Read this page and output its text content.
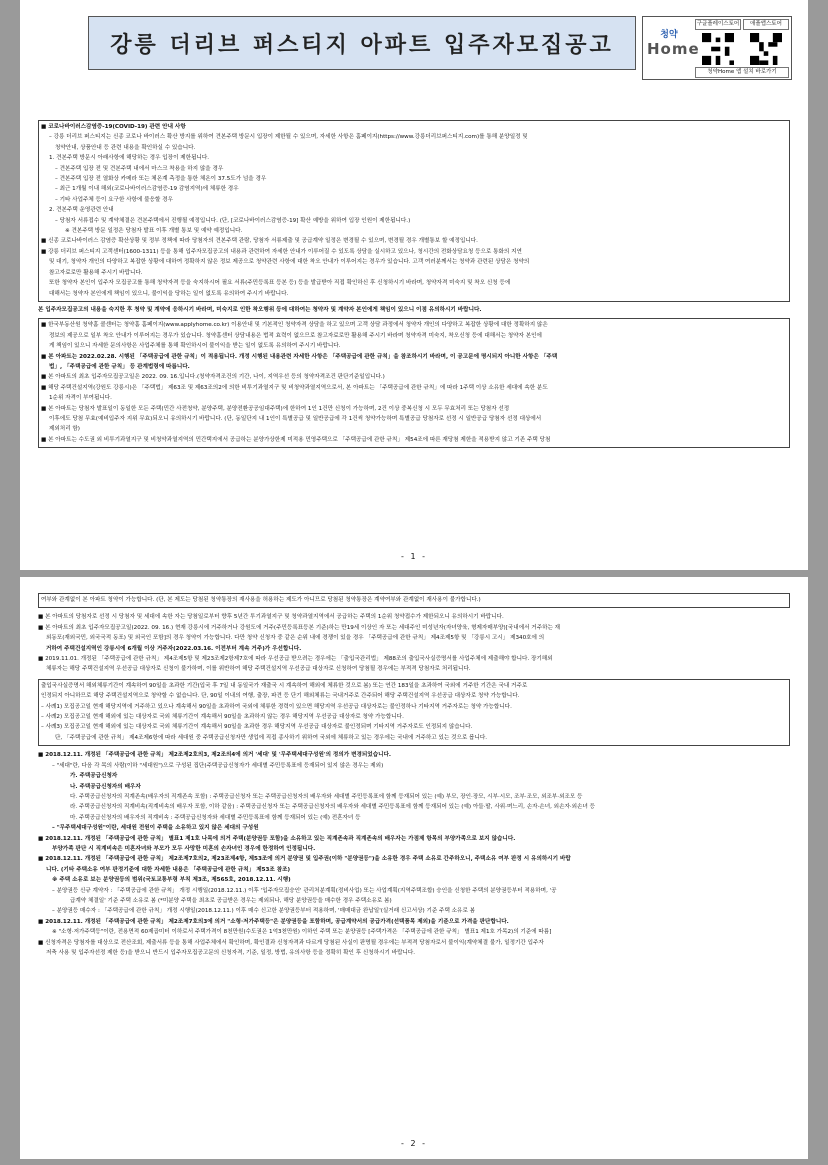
강릉 더리브 퍼스티지 아파트 입주자모집공고	청약
Home
구글플레이스토어	애플앱스토어
청약Home 앱 설치 바로가기
■ 코로나바이러스감염증-19(COVID-19) 관련 안내 사항
– 강릉 더리브 퍼스티지는 신종 코로나 바이러스 확산 방지를 위하여 견본주택 방문시 입장이 제한될 수 있으며, 자세한 사항은 홈페이지(https://www.강릉더리브퍼스티지.com)를 통해 분양일정 및
청약안내, 상품안내 등 관련 내용을 확인하실 수 있습니다.
1. 견본주택 방문시 아래사항에 해당하는 경우 입장이 제한됩니다.
– 견본주택 입장 전 및 견본주택 내에서 마스크 착용을 하지 않을 경우
– 견본주택 입장 전 열화상 카메라 또는 체온계 측정을 통한 체온이 37.5도가 넘을 경우
– 최근 1개월 이내 해외(코로나바이러스감염증-19 감염지역)에 체류한 경우
– 기타 사업주체 등이 요구한 사항에 불응할 경우
2. 견본주택 운영관련 안내
– 당첨자 서류접수 및 계약체결은 견본주택에서 진행될 예정입니다. (단, [코로나바이러스감염증-19] 확산 예방을 위하여 입장 인원이 제한됩니다.)
※ 견본주택 방문 일정은 당첨자 발표 이후 개별 통보 및 예약 예정입니다.
■ 신종 코로나바이러스 감염증 확산상황 및 정부 정책에 따라 당첨자의 견본주택 관람, 당첨자 서류제출 및 공급계약 일정은 변경될 수 있으며, 변경될 경우 개별통보 할 예정입니다.
■ 강릉 더리브 퍼스티지 고객센터(1600-1311) 등을 통해 입주자모집공고의 내용과 관련하여 자세한 안내가 이루어질 수 있도록 상담을 실시하고 있으나, 청시간의 전화상담요청 등으로 통화의 지연
및 대기, 청약자 개인의 다양하고 복잡한 상황에 대하여 정확하지 않은 정보 제공으로 청약관련 사항에 대한 착오 안내가 이루어지는 경우가 있습니다. 고객 여러분께서는 청약과 관련된 상담은 청약의
참고자료로만 활용해 주시기 바랍니다.
또한 청약자 본인이 입주자 모집공고를 통해 청약자격 등을 숙지하시어 필요 서류(주민등록표 등본 등) 등을 발급받아 직접 확인하신 후 신청하시기 바라며, 청약자격 미숙지 및 착오 신청 등에
대해서는 청약자 본인에게 책임이 있으니, 불이익을 당하는 일이 없도록 유의하여 주시기 바랍니다.
본 입주자모집공고의 내용을 숙지한 후 청약 및 계약에 응하시기 바라며, 미숙지로 인한 착오행위 등에 대하여는 청약자 및 계약자 본인에게 책임이 있으니 이점 유의하시기 바랍니다.
■ 한국부동산원 청약홈 콜센터는 청약홈 홈페이지(www.applyhome.co.kr) 이용안내 및 기본적인 청약자격 상담을 하고 있으며 고객 상담 과정에서 청약자 개인의 다양하고 복잡한 상황에 대한 정확하지 않은
정보의 제공으로 일부 착오 안내가 이루어지는 경우가 있습니다. 청약홈센터 상담내용은 법적 효력이 없으므로 참고자료로만 활용해 주시기 바라며 청약자격 미숙지, 착오신청 등에 대해서는 청약자 본인에
게 책임이 있으니 자세한 문의사항은 사업주체를 통해 확인하시어 불이익을 받는 일이 없도록 유의하여 주시기 바랍니다.
■ 본 아파트는 2022.02.28. 시행된 「주택공급에 관한 규칙」이 적용됩니다. 개정 시행된 내용관련 자세한 사항은 「주택공급에 관한 규칙」을 참조하시기 바라며, 이 공고문에 명시되지 아니한 사항은 「주택
법」, 「주택공급에 관한 규칙」 등 관계법령에 따릅니다.
■ 본 아파트의 최초 입주자모집공고일은 2022. 09. 16.입니다.(청약자격조건의 기간, 나이, 지역우선 등의 청약자격조건 판단기준일입니다.)
■ 해당 주택건설지역(강원도 강릉시)은 「주택법」 제63조 및 제63조의2에 의한 비투기과열지구 및 비청약과열지역으로서, 본 아파트는 「주택공급에 관한 규칙」에 따라 1주택 이상 소유한 세대에 속한 분도
1순위 자격이 부여됩니다.
■ 본 아파트는 당첨자 발표일이 동일한 모든 주택(민간 사전청약, 분양주택, 분양전환공공임대주택)에 한하여 1인 1건만 신청이 가능하며, 2건 이상 중복신청 시 모두 무효처리 또는 당첨자 선정
이후에도 당첨 무효(예비입주자 지위 무효)되오니 유의하시기 바랍니다. (단, 동일단지 내 1인이 특별공급 및 일반공급에 각 1건씩 청약가능하며 특별공급 당첨자로 선정 시 일반공급 당첨자 선정 대상에서
제외처리 함)
■ 본 아파트는 수도권 외 비투기과열지구 및 비청약과열지역의 민간택지에서 공급하는 분양가상한제 미적용 민영주택으로 「주택공급에 관한 규칙」 제54조에 따른 재당첨 제한을 적용받지 않고 기존 주택 당첨
- 1 -
여부와 관계없이 본 아파트 청약이 가능합니다. (단, 본 제도는 당첨된 청약통장의 재사용을 허용하는 제도가 아니므로 당첨된 청약통장은 계약여부와 관계없이 재사용이 불가합니다.)
■ 본 아파트의 당첨자로 선정 시 당첨자 및 세대에 속한 자는 당첨일로부터 향후 5년간 투기과열지구 및 청약과열지역에서 공급하는 주택의 1순위 청약접수가 제한되오니 유의하시기 바랍니다.
■ 본 아파트의 최초 입주자모집공고일(2022. 09. 16.) 현재 강릉시에 거주하거나 강원도에 거주(주민등록표등본 기준)하는 만19세 이상인 자 또는 세대주인 미성년자(자녀양육, 형제자매부양)[국내에서 거주하는 재
외동포(재외국민, 외국국적 동포) 및 외국인 포함]의 경우 청약이 가능합니다. 다만 청약 신청자 중 같은 순위 내에 경쟁이 있을 경우 「주택공급에 관한 규칙」 제4조제5항 및 「강릉시 고시」 제340호에 의
거하여 주택건설지역인 강릉시에 6개월 이상 거주자(2022.03.16. 이전부터 계속 거주)가 우선합니다.
■ 2019.11.01. 개정된 「주택공급에 관한 규칙」 제4조제5항 및 제23조제2항제7호에 따라 우선공급 받으려는 경우에는 「출입국관리법」 제88조의 출입국사실증명서를 사업주체에 제출해야 합니다. 장기해외
체류자는 해당 주택건설지역 우선공급 대상자로 신청이 불가하며, 이를 위반하여 해당 주택건설지역 우선공급 대상자로 신청하여 당첨될 경우에는 부적격 당첨자로 처리됩니다.
출입국사실증명서 해외체류기간이 계속하여 90일을 초과한 기간(입국 후 7일 내 동일국가 재출국 시 계속하여 해외에 체류한 것으로 봄) 또는 연간 183일을 초과하여 국외에 거주한 기간은 국내 거주로
인정되지 아니하므로 해당 주택건설지역으로 청약할 수 없습니다. 단, 90일 이내의 여행, 출장, 파견 등 단기 해외체류는 국내거주로 간주되어 해당 주택건설지역 우선공급 대상자로 청약 가능합니다.
– 사례1) 모집공고일 현재 해당지역에 거주하고 있으나 계속해서 90일을 초과하여 국외에 체류한 경력이 있으면 해당지역 우선공급 대상자로는 불인정하나 기타지역 거주자로는 청약 가능합니다.
– 사례2) 모집공고일 현재 해외에 있는 대상자로 국외 체류기간이 계속해서 90일을 초과하지 않는 경우 해당지역 우선공급 대상자로 청약 가능합니다.
– 사례3) 모집공고일 현재 해외에 있는 대상자로 국외 체류기간이 계속해서 90일을 초과한 경우 해당지역 우선공급 대상자로 불인정되며 기타지역 거주자로도 인정되지 않습니다.
단, 「주택공급에 관한 규칙」 제4조제6항에 따라 세대원 중 주택공급신청자만 생업에 직접 종사하기 위하여 국외에 체류하고 있는 경우에는 국내에 거주하고 있는 것으로 봅니다.
■ 2018.12.11. 개정된 「주택공급에 관한 규칙」 제2조제2호의3, 제2조의4에 의거 '세대' 및 '무주택세대구성원'의 정의가 변경되었습니다.
– "세대"란, 다음 각 목의 사람(이하 "세대원")으로 구성된 집단(주택공급신청자가 세대별 주민등록표에 등재되어 있지 않은 경우는 제외)
가. 주택공급신청자
나. 주택공급신청자의 배우자
다. 주택공급신청자의 직계존속(배우자의 직계존속 포함) : 주택공급신청자 또는 주택공급신청자의 배우자와 세대별 주민등록표에 함께 등재되어 있는 (예) 부모, 장인·장모, 시부·시모, 조부·조모, 외조부·외조모 등
라. 주택공급신청자의 직계비속(직계비속의 배우자 포함, 이하 같음) : 주택공급신청자 또는 주택공급신청자의 배우자와 세대별 주민등록표에 함께 등재되어 있는 (예) 아들·딸, 사위·며느리, 손자·손녀, 외손자·외손녀 등
마. 주택공급신청자의 배우자의 직계비속 : 주택공급신청자와 세대별 주민등록표에 함께 등재되어 있는 (예) 전혼자녀 등
– "무주택세대구성원"이란, 세대원 전원이 주택을 소유하고 있지 않은 세대의 구성원
■ 2018.12.11. 개정된 「주택공급에 관한 규칙」 별표1 제1호 나목에 의거 주택(분양권등 포함)을 소유하고 있는 직계존속과 직계존속의 배우자는 가점제 항목의 부양가족으로 보지 않습니다.
부양가족 판단 시 직계비속은 미혼자녀와 부모가 모두 사망한 미혼의 손자녀인 경우에 한정하여 인정됩니다.
■ 2018.12.11. 개정된 「주택공급에 관한 규칙」 제2조제7호의2, 제23조제4항, 제53조에 의거 분양권 및 입주권(이하 "분양권등")을 소유한 경우 주택 소유로 간주하오니, 주택소유 여부 판정 시 유의하시기 바랍
니다. (기타 주택소유 여부 판정기준에 대한 자세한 내용은 「주택공급에 관한 규칙」 제53조 참조)
※ 주택 소유로 보는 분양권등의 범위(국토교통부령 부칙 제3조, 제565호, 2018.12.11. 시행)
– 분양권등 신규 계약자 : 「주택공급에 관한 규칙」 개정 시행일(2018.12.11.) 이후 '입주자모집승인' 관리처분계획(정비사업) 또는 사업계획(지역주택조합) 승인을 신청한 주택의 분양권등부터 적용하며, '공
급계약 체결일' 기준 주택 소유로 봄 (*미분양 주택을 최초로 공급받은 경우는 제외되나, 해당 분양권등을 매수한 경우 주택소유로 봄)
– 분양권등 매수자 : 「주택공급에 관한 규칙」 개정 시행일(2018.12.11.) 이후 매수 신고한 분양권등부터 적용하며, '매매대금 완납일'(실거래 신고서상) 기준 주택 소유로 봄
■ 2018.12.11. 개정된 「주택공급에 관한 규칙」 제2조제7호의3에 의거 "소형·저가주택등"은 분양권등을 포함하며, 공급계약서의 공급가격(선택품목 제외)을 기준으로 가격을 판단합니다.
※ "소형·저가주택등"이란, 전용면적 60제곱미터 이하로서 주택가격이 8천만원(수도권은 1억3천만원) 이하인 주택 또는 분양권등 [주택가격은 「주택공급에 관한 규칙」 별표1 제1호 가목2)의 기준에 따름]
■ 신청자격은 당첨자를 대상으로 전산조회, 제출서류 등을 통해 사업주체에서 확인하며, 확인결과 신청자격과 다르게 당첨된 사실이 판명될 경우에는 부적격 당첨자로서 불이익(계약체결 불가, 일정기간 입주자
저축 사용 및 입주자선정 제한 등)을 받으니 반드시 입주자모집공고문의 신청자격, 기준, 일정, 방법, 유의사항 등을 정확히 확인 후 신청하시기 바랍니다.
- 2 -
